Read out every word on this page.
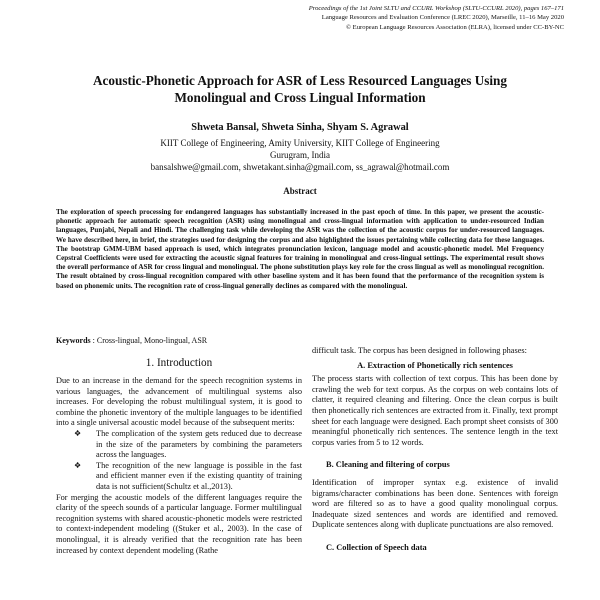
Proceedings of the 1st Joint SLTU and CCURL Workshop (SLTU-CCURL 2020), pages 167–171
Language Resources and Evaluation Conference (LREC 2020), Marseille, 11–16 May 2020
© European Language Resources Association (ELRA), licensed under CC-BY-NC
Acoustic-Phonetic Approach for ASR of Less Resourced Languages Using
Monolingual and Cross Lingual Information
Shweta Bansal, Shweta Sinha, Shyam S. Agrawal
KIIT College of Engineering, Amity University, KIIT College of Engineering
Gurugram, India
bansalshwe@gmail.com, shwetakant.sinha@gmail.com, ss_agrawal@hotmail.com
Abstract
The exploration of speech processing for endangered languages has substantially increased in the past epoch of time. In this paper, we present the acoustic-phonetic approach for automatic speech recognition (ASR) using monolingual and cross-lingual information with application to under-resourced Indian languages, Punjabi, Nepali and Hindi. The challenging task while developing the ASR was the collection of the acoustic corpus for under-resourced languages. We have described here, in brief, the strategies used for designing the corpus and also highlighted the issues pertaining while collecting data for these languages. The bootstrap GMM-UBM based approach is used, which integrates pronunciation lexicon, language model and acoustic-phonetic model. Mel Frequency Cepstral Coefficients were used for extracting the acoustic signal features for training in monolingual and cross-lingual settings. The experimental result shows the overall performance of ASR for cross lingual and monolingual. The phone substitution plays key role for the cross lingual as well as monolingual recognition. The result obtained by cross-lingual recognition compared with other baseline system and it has been found that the performance of the recognition system is based on phonemic units. The recognition rate of cross-lingual generally declines as compared with the monolingual.
Keywords : Cross-lingual, Mono-lingual, ASR
1. Introduction

Due to an increase in the demand for the speech recognition systems in various languages, the advancement of multilingual systems also increases. For developing the robust multilingual system, it is good to combine the phonetic inventory of the multiple languages to be identified into a single universal acoustic model because of the subsequent merits:

❖ The complication of the system gets reduced due to decrease in the size of the parameters by combining the parameters across the languages.
❖ The recognition of the new language is possible in the fast and efficient manner even if the existing quantity of training data is not sufficient(Schultz et al.,2013).

For merging the acoustic models of the different languages require the clarity of the speech sounds of a particular language. Former multilingual recognition systems with shared acoustic-phonetic models were restricted to context-independent modeling ((Stuker et al., 2003). In the case of monolingual, it is already verified that the recognition rate has been increased by context dependent modeling (Rathe

difficult task. The corpus has been designed in following phases:

A. Extraction of Phonetically rich sentences

The process starts with collection of text corpus. This has been done by crawling the web for text corpus. As the corpus on web contains lots of clatter, it required cleaning and filtering. Once the clean corpus is built then phonetically rich sentences are extracted from it. Finally, text prompt sheet for each language were designed. Each prompt sheet consists of 300 meaningful phonetically rich sentences. The sentence length in the text corpus varies from 5 to 12 words.

B. Cleaning and filtering of corpus

Identification of improper syntax e.g. existence of invalid bigrams/character combinations has been done. Sentences with foreign word are filtered so as to have a good quality monolingual corpus. Inadequate sized sentences and words are identified and removed. Duplicate sentences along with duplicate punctuations are also removed.

C. Collection of Speech data
